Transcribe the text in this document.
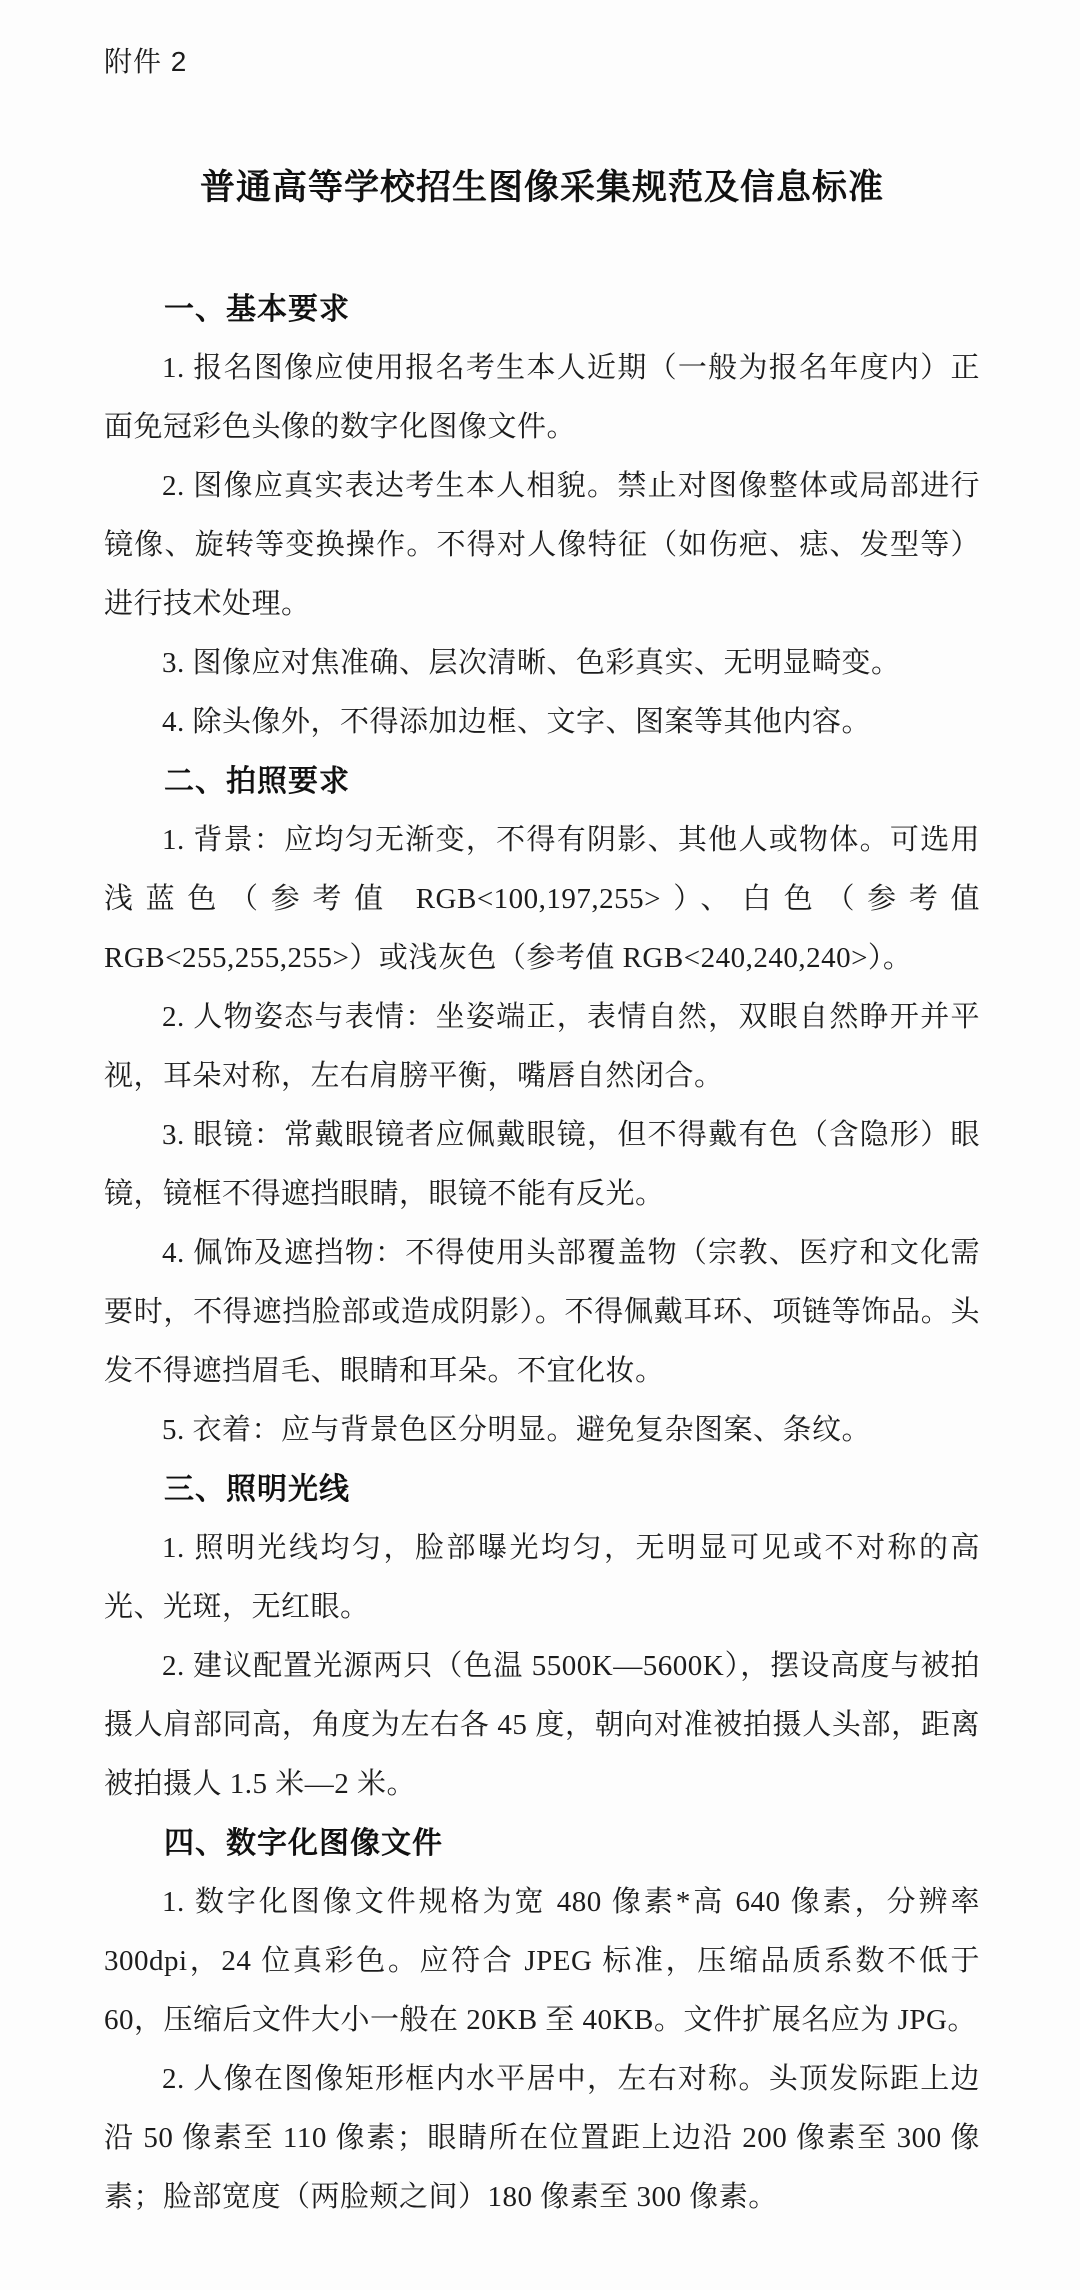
附件 2
普通高等学校招生图像采集规范及信息标准
一、基本要求

1. 报名图像应使用报名考生本人近期（一般为报名年度内）正面免冠彩色头像的数字化图像文件。

2. 图像应真实表达考生本人相貌。禁止对图像整体或局部进行镜像、旋转等变换操作。不得对人像特征（如伤疤、痣、发型等）进行技术处理。

3. 图像应对焦准确、层次清晰、色彩真实、无明显畸变。

4. 除头像外，不得添加边框、文字、图案等其他内容。

二、拍照要求

1. 背景：应均匀无渐变，不得有阴影、其他人或物体。可选用浅蓝色（参考值 RGB<100,197,255>）、白色（参考值 RGB<255,255,255>）或浅灰色（参考值 RGB<240,240,240>）。

2. 人物姿态与表情：坐姿端正，表情自然，双眼自然睁开并平视，耳朵对称，左右肩膀平衡，嘴唇自然闭合。

3. 眼镜：常戴眼镜者应佩戴眼镜，但不得戴有色（含隐形）眼镜，镜框不得遮挡眼睛，眼镜不能有反光。

4. 佩饰及遮挡物：不得使用头部覆盖物（宗教、医疗和文化需要时，不得遮挡脸部或造成阴影）。不得佩戴耳环、项链等饰品。头发不得遮挡眉毛、眼睛和耳朵。不宜化妆。

5. 衣着：应与背景色区分明显。避免复杂图案、条纹。

三、照明光线

1. 照明光线均匀，脸部曝光均匀，无明显可见或不对称的高光、光斑，无红眼。

2. 建议配置光源两只（色温 5500K—5600K），摆设高度与被拍摄人肩部同高，角度为左右各 45 度，朝向对准被拍摄人头部，距离被拍摄人 1.5 米—2 米。

四、数字化图像文件

1. 数字化图像文件规格为宽 480 像素*高 640 像素，分辨率 300dpi，24 位真彩色。应符合 JPEG 标准，压缩品质系数不低于 60，压缩后文件大小一般在 20KB 至 40KB。文件扩展名应为 JPG。

2. 人像在图像矩形框内水平居中，左右对称。头顶发际距上边沿 50 像素至 110 像素；眼睛所在位置距上边沿 200 像素至 300 像素；脸部宽度（两脸颊之间）180 像素至 300 像素。
